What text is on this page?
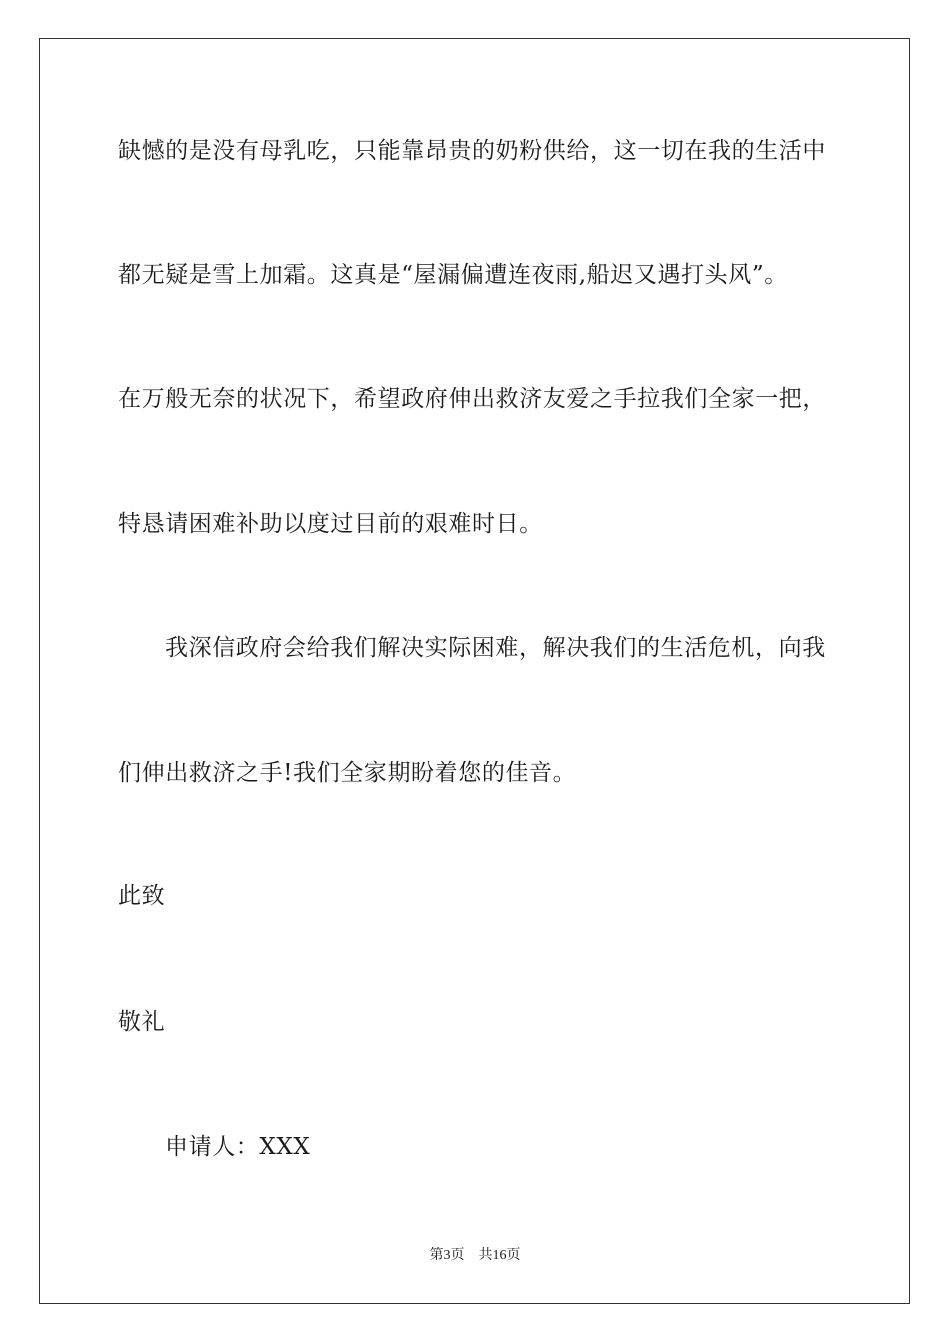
缺憾的是没有母乳吃，只能靠昂贵的奶粉供给，这一切在我的生活中
都无疑是雪上加霜。这真是“屋漏偏遭连夜雨,船迟又遇打头风”。
在万般无奈的状况下，希望政府伸出救济友爱之手拉我们全家一把，
特恳请困难补助以度过目前的艰难时日。
我深信政府会给我们解决实际困难，解决我们的生活危机，向我
们伸出救济之手!我们全家期盼着您的佳音。
此致
敬礼
申请人：XXX
第3页 共16页
